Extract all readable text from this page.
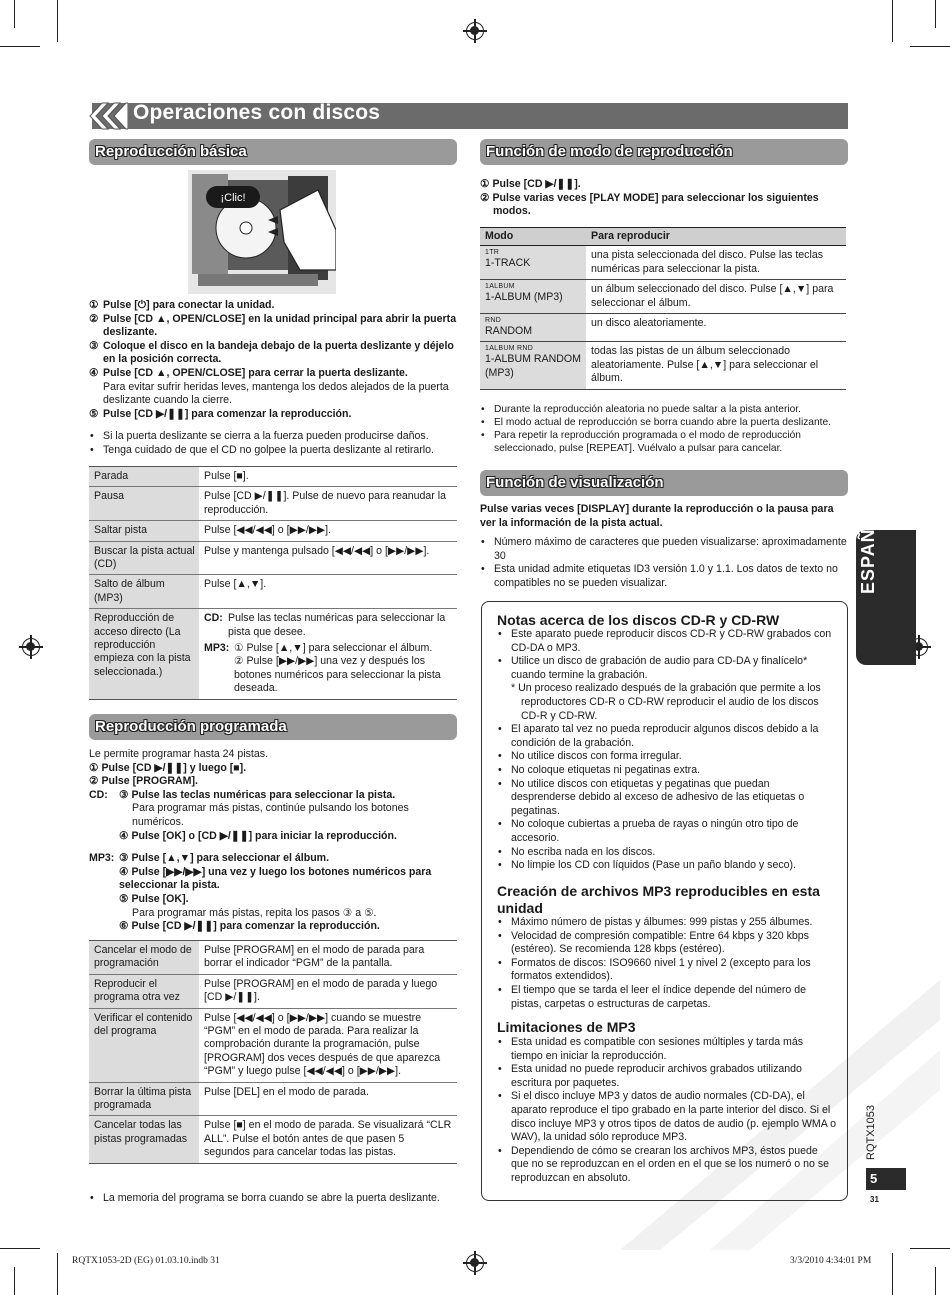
Operaciones con discos
Reproducción básica
¡Clic!
① Pulse [⏻] para conectar la unidad.
② Pulse [CD ▲, OPEN/CLOSE] en la unidad principal para abrir la puerta deslizante.
③ Coloque el disco en la bandeja debajo de la puerta deslizante y déjelo en la posición correcta.
④ Pulse [CD ▲, OPEN/CLOSE] para cerrar la puerta deslizante.
Para evitar sufrir heridas leves, mantenga los dedos alejados de la puerta deslizante cuando la cierre.
⑤ Pulse [CD ▶/❚❚] para comenzar la reproducción.
• Si la puerta deslizante se cierra a la fuerza pueden producirse daños.
• Tenga cuidado de que el CD no golpee la puerta deslizante al retirarlo.
Parada	Pulse [■].
Pausa	Pulse [CD ▶/❚❚]. Pulse de nuevo para reanudar la reproducción.
Saltar pista	Pulse [◀◀/◀◀] o [▶▶/▶▶].
Buscar la pista actual (CD)	Pulse y mantenga pulsado [◀◀/◀◀] o [▶▶/▶▶].
Salto de álbum (MP3)	Pulse [▲,▼].
Reproducción de acceso directo (La reproducción empieza con la pista seleccionada.)	CD: Pulse las teclas numéricas para seleccionar la pista que desee.
MP3: ① Pulse [▲,▼] para seleccionar el álbum.
② Pulse [▶▶/▶▶] una vez y después los botones numéricos para seleccionar la pista deseada.
Reproducción programada
Le permite programar hasta 24 pistas.
① Pulse [CD ▶/❚❚] y luego [■].
② Pulse [PROGRAM].
CD: ③ Pulse las teclas numéricas para seleccionar la pista.
Para programar más pistas, continúe pulsando los botones numéricos.
④ Pulse [OK] o [CD ▶/❚❚] para iniciar la reproducción.
MP3: ③ Pulse [▲,▼] para seleccionar el álbum.
④ Pulse [▶▶/▶▶] una vez y luego los botones numéricos para seleccionar la pista.
⑤ Pulse [OK].
Para programar más pistas, repita los pasos ③ a ⑤.
⑥ Pulse [CD ▶/❚❚] para comenzar la reproducción.
Cancelar el modo de programación	Pulse [PROGRAM] en el modo de parada para borrar el indicador “PGM” de la pantalla.
Reproducir el programa otra vez	Pulse [PROGRAM] en el modo de parada y luego [CD ▶/❚❚].
Verificar el contenido del programa	Pulse [◀◀/◀◀] o [▶▶/▶▶] cuando se muestre “PGM” en el modo de parada. Para realizar la comprobación durante la programación, pulse [PROGRAM] dos veces después de que aparezca “PGM” y luego pulse [◀◀/◀◀] o [▶▶/▶▶].
Borrar la última pista programada	Pulse [DEL] en el modo de parada.
Cancelar todas las pistas programadas	Pulse [■] en el modo de parada. Se visualizará “CLR ALL”. Pulse el botón antes de que pasen 5 segundos para cancelar todas las pistas.
• La memoria del programa se borra cuando se abre la puerta deslizante.
Función de modo de reproducción
① Pulse [CD ▶/❚❚].
② Pulse varias veces [PLAY MODE] para seleccionar los siguientes modos.
Modo	Para reproducir

1TR
1-TRACK	una pista seleccionada del disco. Pulse las teclas numéricas para seleccionar la pista.

1ALBUM
1-ALBUM (MP3)	un álbum seleccionado del disco. Pulse [▲,▼] para seleccionar el álbum.

RND
RANDOM	un disco aleatoriamente.

1ALBUM RND
1-ALBUM RANDOM (MP3)	todas las pistas de un álbum seleccionado aleatoriamente. Pulse [▲,▼] para seleccionar el álbum.
• Durante la reproducción aleatoria no puede saltar a la pista anterior.
• El modo actual de reproducción se borra cuando abre la puerta deslizante.
• Para repetir la reproducción programada o el modo de reproducción seleccionado, pulse [REPEAT]. Vuélvalo a pulsar para cancelar.
Función de visualización
Pulse varias veces [DISPLAY] durante la reproducción o la pausa para ver la información de la pista actual.
• Número máximo de caracteres que pueden visualizarse: aproximadamente 30
• Esta unidad admite etiquetas ID3 versión 1.0 y 1.1. Los datos de texto no compatibles no se pueden visualizar.
Notas acerca de los discos CD-R y CD-RW
• Este aparato puede reproducir discos CD-R y CD-RW grabados con CD-DA o MP3.
• Utilice un disco de grabación de audio para CD-DA y finalícelo* cuando termine la grabación.
* Un proceso realizado después de la grabación que permite a los reproductores CD-R o CD-RW reproducir el audio de los discos CD-R y CD-RW.
• El aparato tal vez no pueda reproducir algunos discos debido a la condición de la grabación.
• No utilice discos con forma irregular.
• No coloque etiquetas ni pegatinas extra.
• No utilice discos con etiquetas y pegatinas que puedan desprenderse debido al exceso de adhesivo de las etiquetas o pegatinas.
• No coloque cubiertas a prueba de rayas o ningún otro tipo de accesorio.
• No escriba nada en los discos.
• No limpie los CD con líquidos (Pase un paño blando y seco).
Creación de archivos MP3 reproducibles en esta unidad
• Máximo número de pistas y álbumes: 999 pistas y 255 álbumes.
• Velocidad de compresión compatible: Entre 64 kbps y 320 kbps (estéreo). Se recomienda 128 kbps (estéreo).
• Formatos de discos: ISO9660 nivel 1 y nivel 2 (excepto para los formatos extendidos).
• El tiempo que se tarda el leer el índice depende del número de pistas, carpetas o estructuras de carpetas.
Limitaciones de MP3
• Esta unidad es compatible con sesiones múltiples y tarda más tiempo en iniciar la reproducción.
• Esta unidad no puede reproducir archivos grabados utilizando escritura por paquetes.
• Si el disco incluye MP3 y datos de audio normales (CD-DA), el aparato reproduce el tipo grabado en la parte interior del disco. Si el disco incluye MP3 y otros tipos de datos de audio (p. ejemplo WMA o WAV), la unidad sólo reproduce MP3.
• Dependiendo de cómo se crearan los archivos MP3, éstos puede que no se reproduzcan en el orden en el que se los numeró o no se reproduzcan en absoluto.
ESPAÑOL
RQTX1053
5
31
RQTX1053-2D (EG) 01.03.10.indb 31	3/3/2010 4:34:01 PM
